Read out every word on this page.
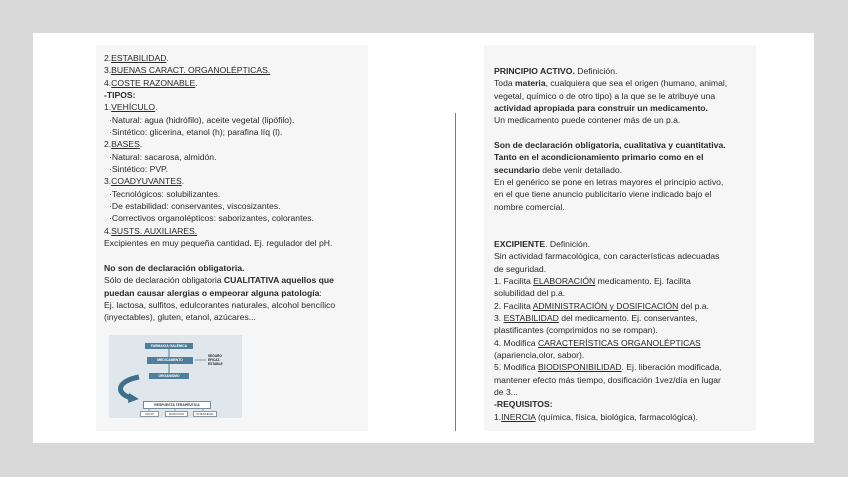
2.ESTABILIDAD.
3.BUENAS CARACT. ORGANOLÉPTICAS.
4.COSTE RAZONABLE.
-TIPOS:
1.VEHÍCULO.
·Natural: agua (hidrófilo), aceite vegetal (lipófilo).
·Sintético: glicerina, etanol (h); parafina líq (l).
2.BASES.
·Natural: sacarosa, almidón.
·Sintético: PVP.
3.COADYUVANTES.
·Tecnológicos: solubilizantes.
·De estabilidad: conservantes, viscosizantes.
·Correctivos organolépticos: saborizantes, colorantes.
4.SUSTS. AUXILIARES.
Excipientes en muy pequeña cantidad. Ej. regulador del pH.
No son de declaración obligatoria.
Sólo de declaración obligatoria CUALITATIVA aquellos que
puedan causar alergias o empeorar alguna patología:
Ej. lactosa, sulfitos, edulcorantes naturales, alcohol bencílico
(inyectables), gluten, etanol, azúcares...
FARMACIA GALÉNICA
MEDICAMENTO
SEGURO
EFICAZ
ESTABLE
ORGANISMO
RESPUESTA TERAPÉUTICA
INICIO	DURACIÓN	INTENSIDAD
PRINCIPIO ACTIVO. Definición.
Toda materia, cualquiera que sea el origen (humano, animal,
vegetal, químico o de otro tipo) a la que se le atribuye una
actividad apropiada para construir un medicamento.
Un medicamento puede contener más de un p.a.
Son de declaración obligatoria, cualitativa y cuantitativa.
Tanto en el acondicionamiento primario como en el
secundario debe venir detallado.
En el genérico se pone en letras mayores el principio activo,
en el que tiene anuncio publicitario viene indicado bajo el
nombre comercial.
EXCIPIENTE. Definición.
Sin actividad farmacológica, con características adecuadas
de seguridad.
1. Facilita ELABORACIÓN medicamento. Ej. facilita
solubilidad del p.a.
2. Facilita ADMINISTRACIÓN y DOSIFICACIÓN del p.a.
3. ESTABILIDAD del medicamento. Ej. conservantes,
plastificantes (comprimidos no se rompan).
4. Modifica CARACTERÍSTICAS ORGANOLÉPTICAS
(apariencia,olor, sabor).
5. Modifica BIODISPONIBILIDAD. Ej. liberación modificada,
mantener efecto más tiempo, dosificación 1vez/día en lugar
de 3...
-REQUISITOS:
1.INERCIA (química, física, biológica, farmacológica).
